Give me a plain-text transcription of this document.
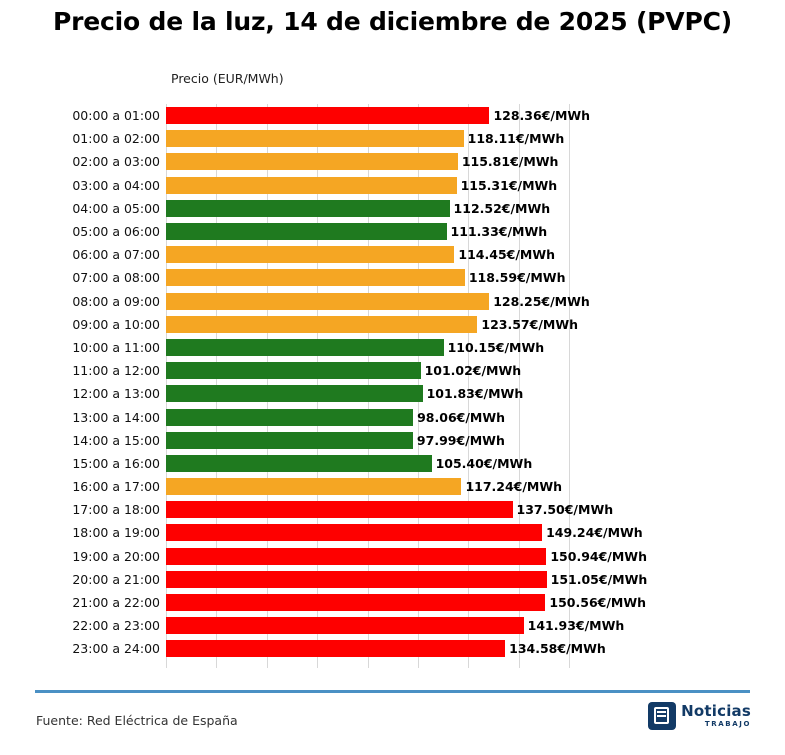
Precio de la luz, 14 de diciembre de 2025 (PVPC)
Precio (EUR/MWh)
00:00 a 01:00	128.36€/MWh
01:00 a 02:00	118.11€/MWh
02:00 a 03:00	115.81€/MWh
03:00 a 04:00	115.31€/MWh
04:00 a 05:00	112.52€/MWh
05:00 a 06:00	111.33€/MWh
06:00 a 07:00	114.45€/MWh
07:00 a 08:00	118.59€/MWh
08:00 a 09:00	128.25€/MWh
09:00 a 10:00	123.57€/MWh
10:00 a 11:00	110.15€/MWh
11:00 a 12:00	101.02€/MWh
12:00 a 13:00	101.83€/MWh
13:00 a 14:00	98.06€/MWh
14:00 a 15:00	97.99€/MWh
15:00 a 16:00	105.40€/MWh
16:00 a 17:00	117.24€/MWh
17:00 a 18:00	137.50€/MWh
18:00 a 19:00	149.24€/MWh
19:00 a 20:00	150.94€/MWh
20:00 a 21:00	151.05€/MWh
21:00 a 22:00	150.56€/MWh
22:00 a 23:00	141.93€/MWh
23:00 a 24:00	134.58€/MWh
Fuente: Red Eléctrica de España
Noticias
TRABAJO
